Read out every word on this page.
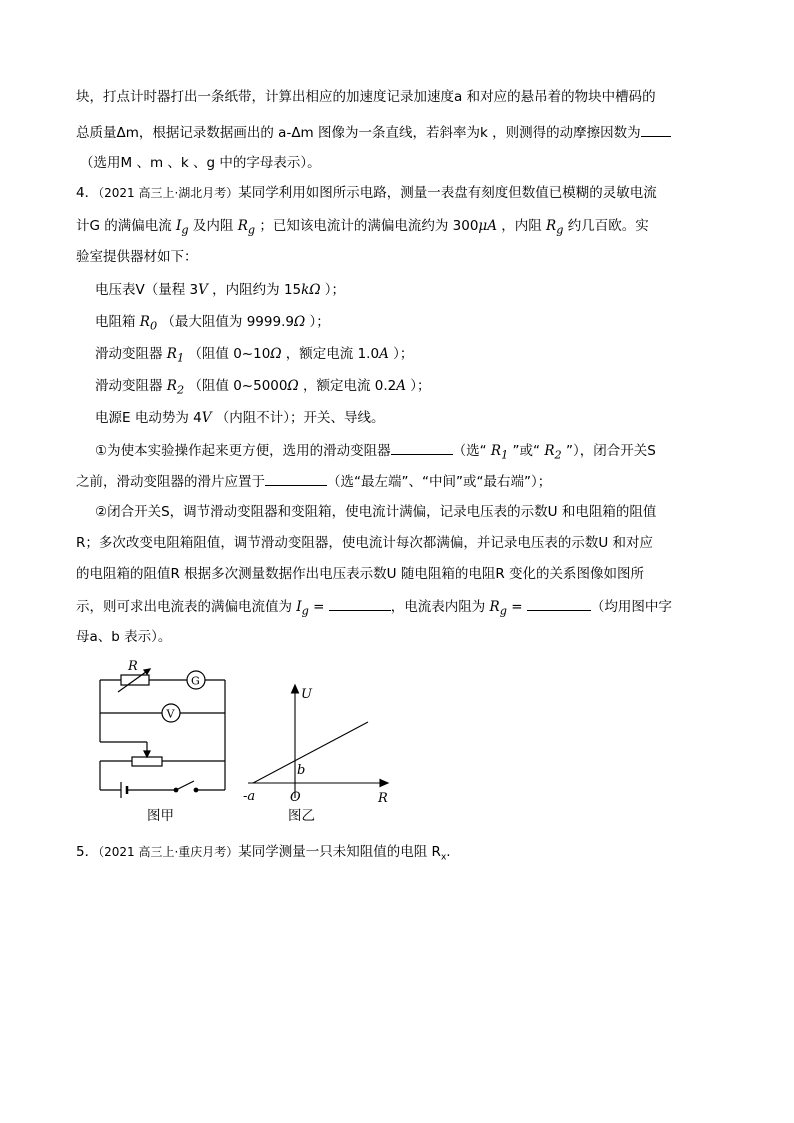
块，打点计时器打出一条纸带，计算出相应的加速度记录加速度a 和对应的悬吊着的物块中槽码的
总质量Δm，根据记录数据画出的 a-Δm 图像为一条直线，若斜率为k ，则测得的动摩擦因数为
（选用M 、m 、k 、g 中的字母表示）。
4．（2021 高三上·湖北月考）某同学利用如图所示电路，测量一表盘有刻度但数值已模糊的灵敏电流
计G 的满偏电流 $I_g$ 及内阻 $R_g$ ；已知该电流计的满偏电流约为 300μA ，内阻 $R_g$ 约几百欧。实
验室提供器材如下：
电压表V（量程 3V ，内阻约为 15kΩ ）；
电阻箱 $R_0$ （最大阻值为 9999.9Ω ）；
滑动变阻器 $R_1$ （阻值 0~10Ω ，额定电流 1.0A ）；
滑动变阻器 $R_2$ （阻值 0~5000Ω ，额定电流 0.2A ）；
电源E 电动势为 4V （内阻不计）；开关、导线。
①为使本实验操作起来更方便，选用的滑动变阻器	（选“ $R_1$ ”或“ $R_2$ ”），闭合开关S
之前，滑动变阻器的滑片应置于	（选“最左端”、“中间”或“最右端”）；
②闭合开关S，调节滑动变阻器和变阻箱，使电流计满偏，记录电压表的示数U 和电阻箱的阻值
R；多次改变电阻箱阻值，调节滑动变阻器，使电流计每次都满偏，并记录电压表的示数U 和对应
的电阻箱的阻值R 根据多次测量数据作出电压表示数U 随电阻箱的电阻R 变化的关系图像如图所
示，则可求出电流表的满偏电流值为 $I_g$ =	，电流表内阻为 $R_g$ =	（均用图中字
母a、b 表示）。
R
G
V
图甲
U
R
b
O
-a
图乙
5．（2021 高三上·重庆月考）某同学测量一只未知阻值的电阻 $R_x$.
